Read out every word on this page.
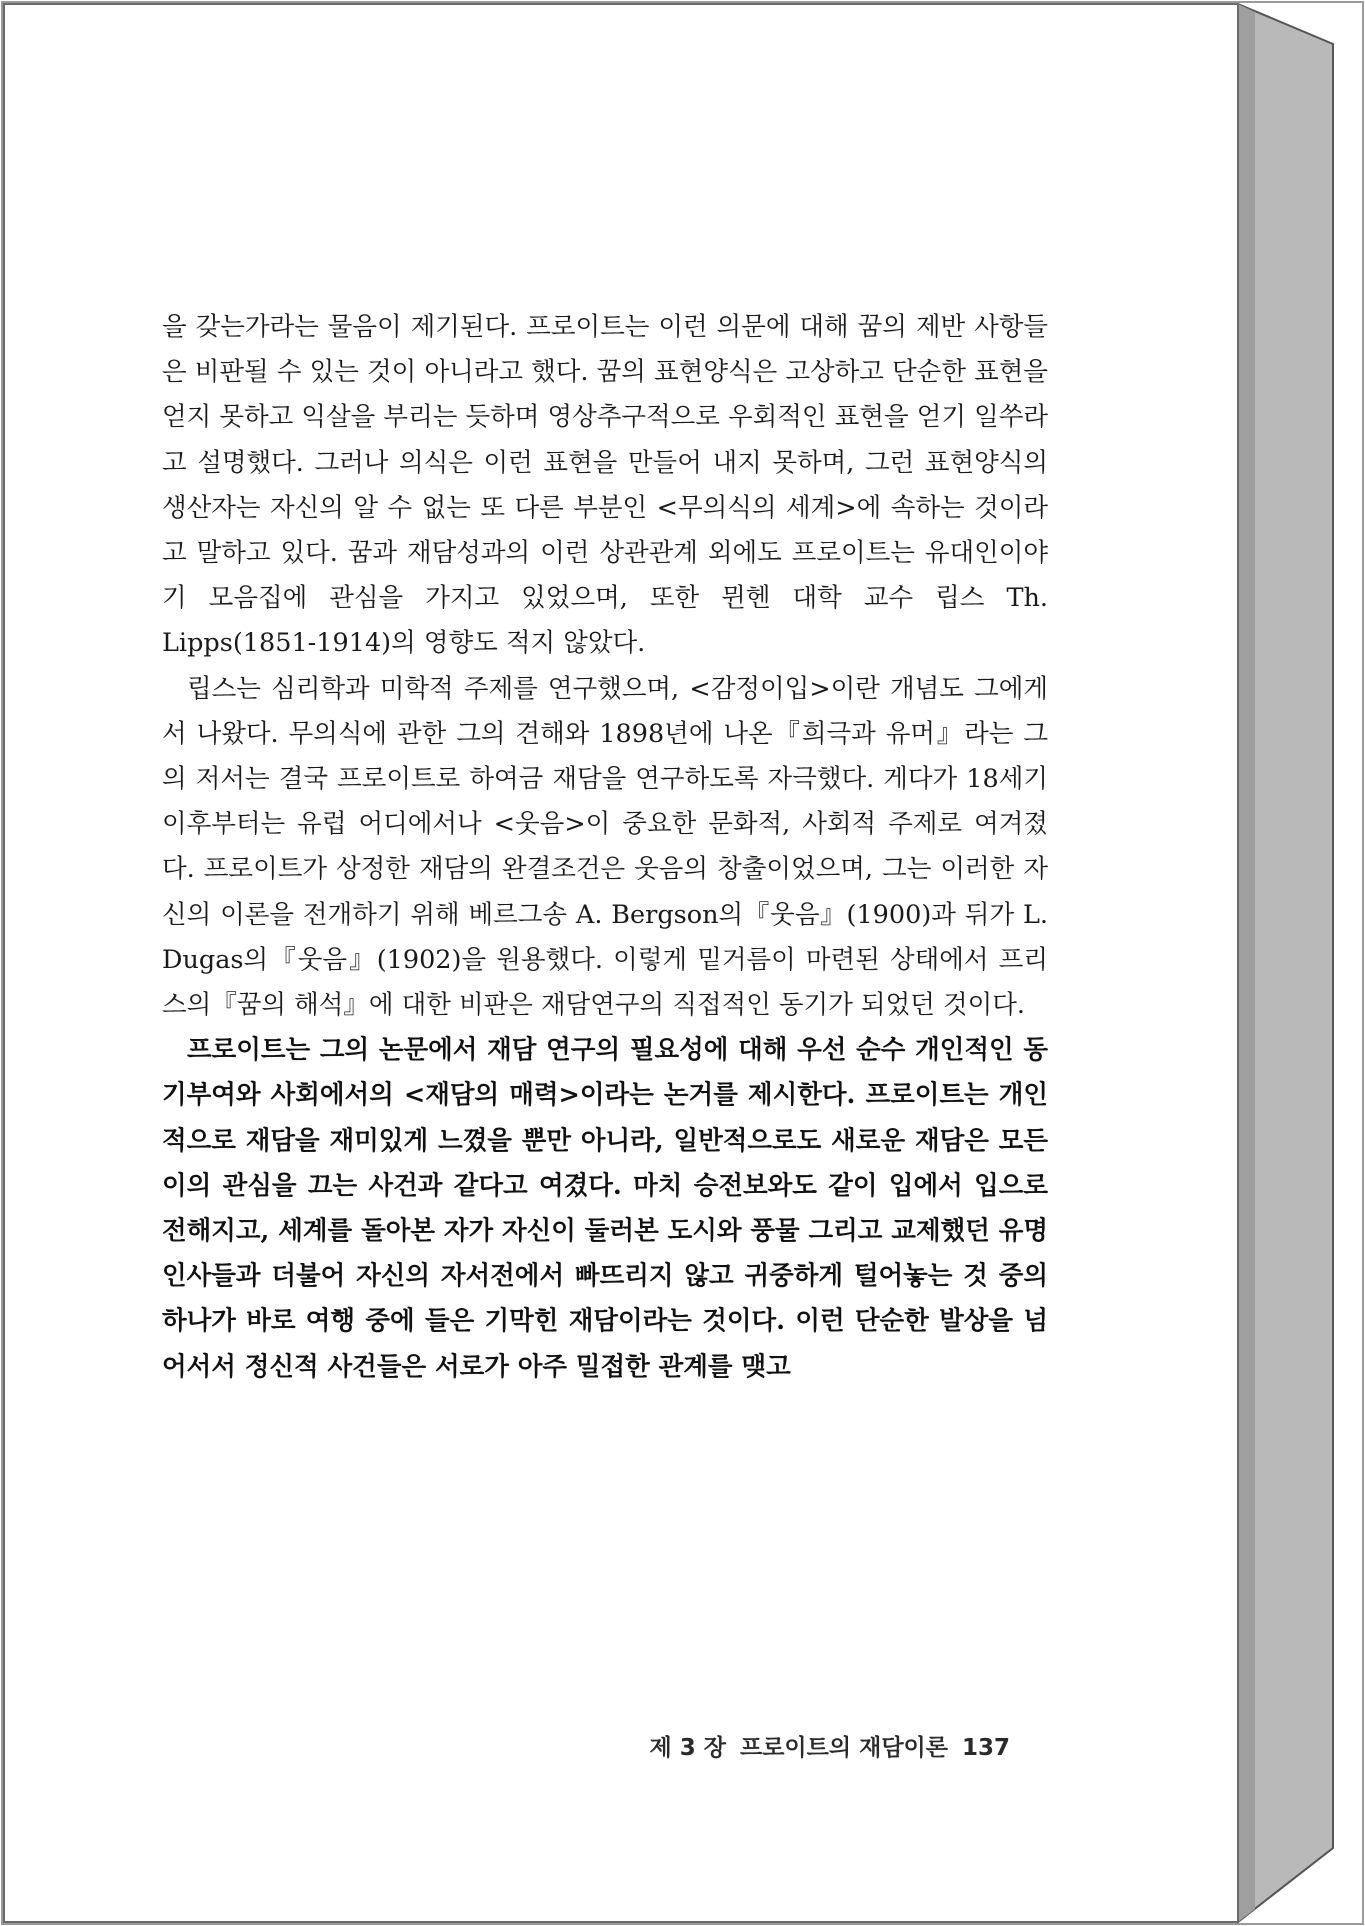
을 갖는가라는 물음이 제기된다. 프로이트는 이런 의문에 대해 꿈의 제반 사항들은 비판될 수 있는 것이 아니라고 했다. 꿈의 표현양식은 고상하고 단순한 표현을 얻지 못하고 익살을 부리는 듯하며 영상추구적으로 우회적인 표현을 얻기 일쑤라고 설명했다. 그러나 의식은 이런 표현을 만들어 내지 못하며, 그런 표현양식의 생산자는 자신의 알 수 없는 또 다른 부분인 <무의식의 세계>에 속하는 것이라고 말하고 있다. 꿈과 재담성과의 이런 상관관계 외에도 프로이트는 유대인이야기 모음집에 관심을 가지고 있었으며, 또한 뮌헨 대학 교수 립스 Th. Lipps(1851-1914)의 영향도 적지 않았다.

립스는 심리학과 미학적 주제를 연구했으며, <감정이입>이란 개념도 그에게서 나왔다. 무의식에 관한 그의 견해와 1898년에 나온『희극과 유머』라는 그의 저서는 결국 프로이트로 하여금 재담을 연구하도록 자극했다. 게다가 18세기 이후부터는 유럽 어디에서나 <웃음>이 중요한 문화적, 사회적 주제로 여겨졌다. 프로이트가 상정한 재담의 완결조건은 웃음의 창출이었으며, 그는 이러한 자신의 이론을 전개하기 위해 베르그송 A. Bergson의『웃음』(1900)과 뒤가 L. Dugas의『웃음』(1902)을 원용했다. 이렇게 밑거름이 마련된 상태에서 프리스의『꿈의 해석』에 대한 비판은 재담연구의 직접적인 동기가 되었던 것이다.

프로이트는 그의 논문에서 재담 연구의 필요성에 대해 우선 순수 개인적인 동기부여와 사회에서의 <재담의 매력>이라는 논거를 제시한다. 프로이트는 개인적으로 재담을 재미있게 느꼈을 뿐만 아니라, 일반적으로도 새로운 재담은 모든 이의 관심을 끄는 사건과 같다고 여겼다. 마치 승전보와도 같이 입에서 입으로 전해지고, 세계를 돌아본 자가 자신이 둘러본 도시와 풍물 그리고 교제했던 유명인사들과 더불어 자신의 자서전에서 빠뜨리지 않고 귀중하게 털어놓는 것 중의 하나가 바로 여행 중에 들은 기막힌 재담이라는 것이다. 이런 단순한 발상을 넘어서서 정신적 사건들은 서로가 아주 밀접한 관계를 맺고

제 3 장 프로이트의 재담이론 137
